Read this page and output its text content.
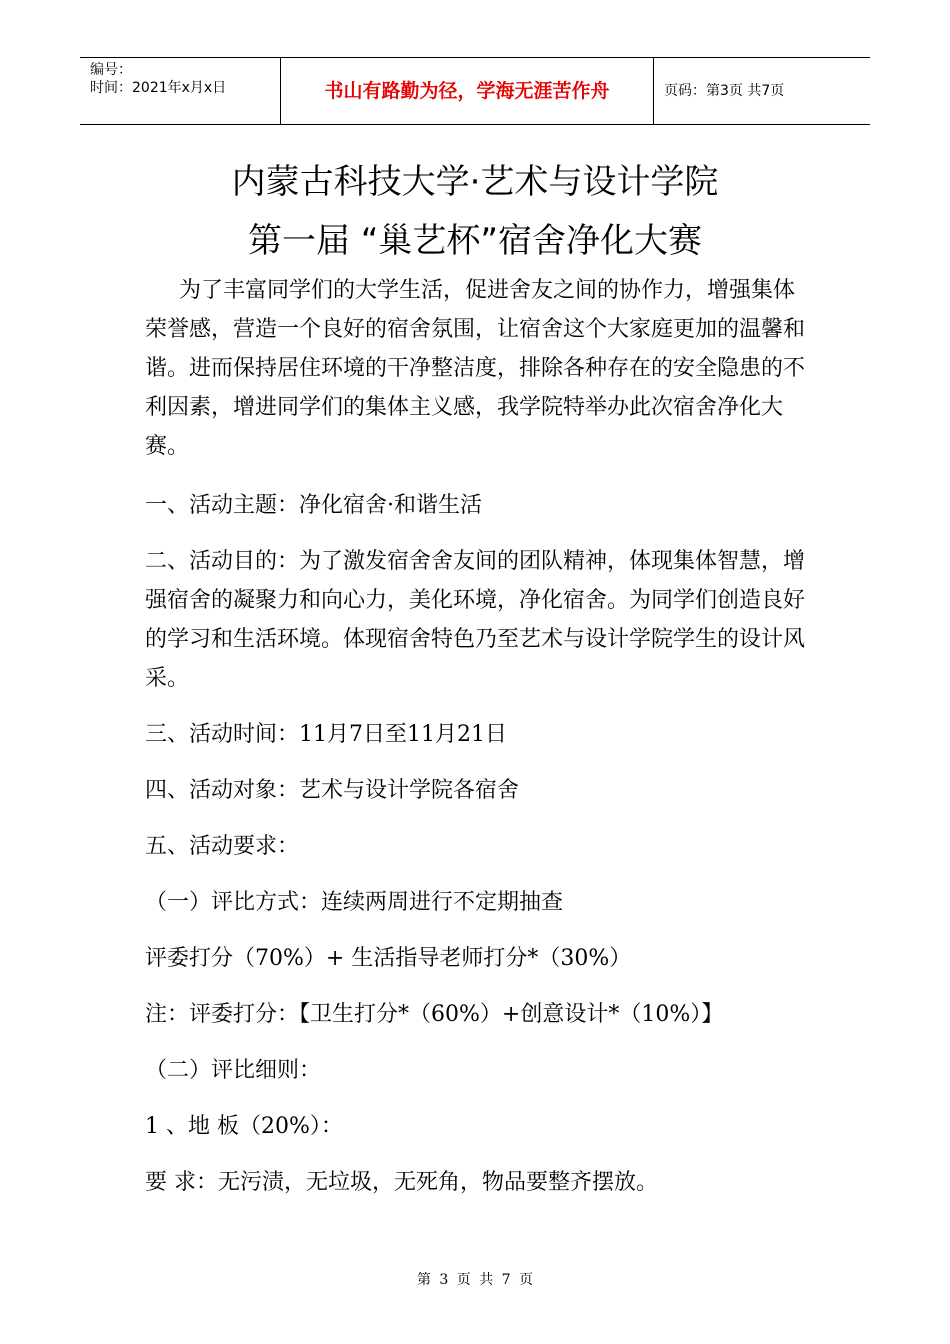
编号：
时间：2021年x月x日	书山有路勤为径，学海无涯苦作舟	页码：第3页 共7页
内蒙古科技大学·艺术与设计学院
第一届 “巢艺杯”宿舍净化大赛

为了丰富同学们的大学生活，促进舍友之间的协作力，增强集体荣誉感，营造一个良好的宿舍氛围，让宿舍这个大家庭更加的温馨和谐。进而保持居住环境的干净整洁度，排除各种存在的安全隐患的不利因素，增进同学们的集体主义感，我学院特举办此次宿舍净化大赛。

一、活动主题：净化宿舍·和谐生活

二、活动目的：为了激发宿舍舍友间的团队精神，体现集体智慧，增强宿舍的凝聚力和向心力，美化环境，净化宿舍。为同学们创造良好的学习和生活环境。体现宿舍特色乃至艺术与设计学院学生的设计风采。

三、活动时间：11月7日至11月21日

四、活动对象：艺术与设计学院各宿舍

五、活动要求：

（一）评比方式：连续两周进行不定期抽查

评委打分（70%）+ 生活指导老师打分*（30%）

注：评委打分：【卫生打分*（60%）+创意设计*（10%）】

（二）评比细则：

1 、地 板（20%）：

要 求：无污渍，无垃圾，无死角，物品要整齐摆放。

第 3 页 共 7 页
